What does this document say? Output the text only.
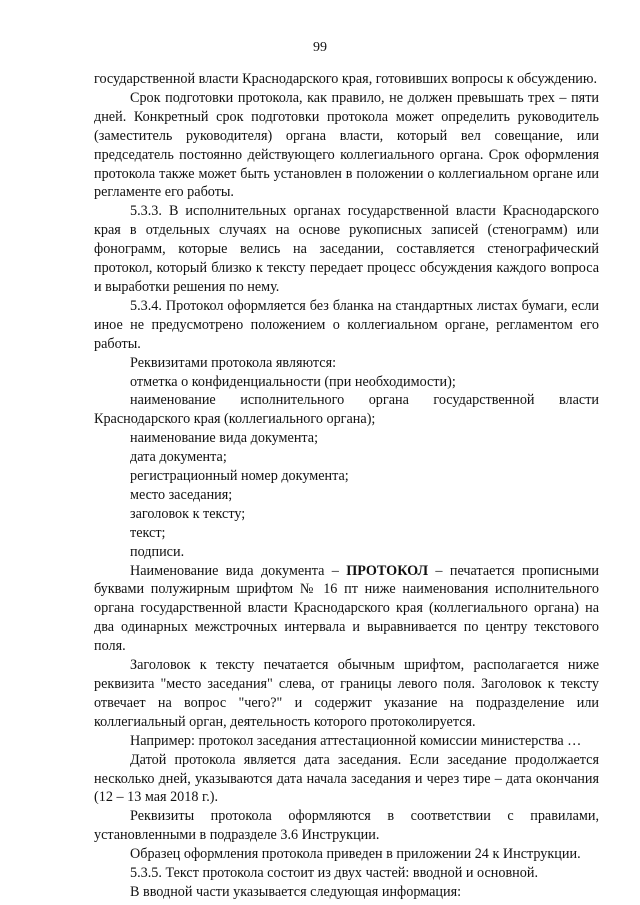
99

государственной власти Краснодарского края, готовивших вопросы к обсуждению.

Срок подготовки протокола, как правило, не должен превышать трех – пяти дней. Конкретный срок подготовки протокола может определить руководитель (заместитель руководителя) органа власти, который вел совещание, или председатель постоянно действующего коллегиального органа. Срок оформления протокола также может быть установлен в положении о коллегиальном органе или регламенте его работы.

5.3.3. В исполнительных органах государственной власти Краснодарского края в отдельных случаях на основе рукописных записей (стенограмм) или фонограмм, которые велись на заседании, составляется стенографический протокол, который близко к тексту передает процесс обсуждения каждого вопроса и выработки решения по нему.

5.3.4. Протокол оформляется без бланка на стандартных листах бумаги, если иное не предусмотрено положением о коллегиальном органе, регламентом его работы.

Реквизитами протокола являются:

отметка о конфиденциальности (при необходимости);

наименование исполнительного органа государственной власти Краснодарского края (коллегиального органа);

наименование вида документа;

дата документа;

регистрационный номер документа;

место заседания;

заголовок к тексту;

текст;

подписи.

Наименование вида документа – ПРОТОКОЛ – печатается прописными буквами полужирным шрифтом № 16 пт ниже наименования исполнительного органа государственной власти Краснодарского края (коллегиального органа) на два одинарных межстрочных интервала и выравнивается по центру текстового поля.

Заголовок к тексту печатается обычным шрифтом, располагается ниже реквизита "место заседания" слева, от границы левого поля. Заголовок к тексту отвечает на вопрос "чего?" и содержит указание на подразделение или коллегиальный орган, деятельность которого протоколируется.

Например: протокол заседания аттестационной комиссии министерства …

Датой протокола является дата заседания. Если заседание продолжается несколько дней, указываются дата начала заседания и через тире – дата окончания (12 – 13 мая 2018 г.).

Реквизиты протокола оформляются в соответствии с правилами, установленными в подразделе 3.6 Инструкции.

Образец оформления протокола приведен в приложении 24 к Инструкции.

5.3.5. Текст протокола состоит из двух частей: вводной и основной.

В вводной части указывается следующая информация:
